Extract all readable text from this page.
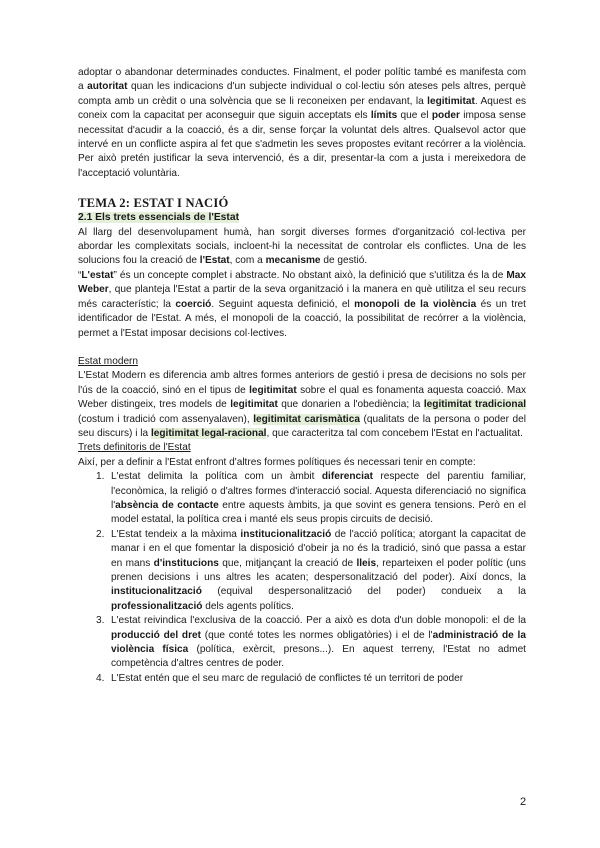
adoptar o abandonar determinades conductes. Finalment, el poder polític també es manifesta com a autoritat quan les indicacions d'un subjecte individual o col·lectiu són ateses pels altres, perquè compta amb un crèdit o una solvència que se li reconeixen per endavant, la legitimitat. Aquest es coneix com la capacitat per aconseguir que siguin acceptats els límits que el poder imposa sense necessitat d'acudir a la coacció, és a dir, sense forçar la voluntat dels altres. Qualsevol actor que intervé en un conflicte aspira al fet que s'admetin les seves propostes evitant recórrer a la violència. Per això pretén justificar la seva intervenció, és a dir, presentar-la com a justa i mereixedora de l'acceptació voluntària.

TEMA 2: ESTAT I NACIÓ

2.1 Els trets essencials de l'Estat

Al llarg del desenvolupament humà, han sorgit diverses formes d'organització col·lectiva per abordar les complexitats socials, incloent-hi la necessitat de controlar els conflictes. Una de les solucions fou la creació de l'Estat, com a mecanisme de gestió.

“L'estat” és un concepte complet i abstracte. No obstant això, la definició que s'utilitza és la de Max Weber, que planteja l'Estat a partir de la seva organització i la manera en què utilitza el seu recurs més característic; la coerció. Seguint aquesta definició, el monopoli de la violència és un tret identificador de l'Estat. A més, el monopoli de la coacció, la possibilitat de recórrer a la violència, permet a l'Estat imposar decisions col·lectives.

Estat modern

L'Estat Modern es diferencia amb altres formes anteriors de gestió i presa de decisions no sols per l'ús de la coacció, sinó en el tipus de legitimitat sobre el qual es fonamenta aquesta coacció. Max Weber distingeix, tres models de legitimitat que donarien a l'obediència; la legitimitat tradicional (costum i tradició com assenyalaven), legitimitat carismàtica (qualitats de la persona o poder del seu discurs) i la legitimitat legal-racional, que caracteritza tal com concebem l'Estat en l'actualitat.

Trets definitoris de l'Estat

Així, per a definir a l'Estat enfront d'altres formes polítiques és necessari tenir en compte:

1. L'estat delimita la política com un àmbit diferenciat respecte del parentiu familiar, l'econòmica, la religió o d'altres formes d'interacció social. Aquesta diferenciació no significa l'absència de contacte entre aquests àmbits, ja que sovint es genera tensions. Però en el model estatal, la política crea i manté els seus propis circuits de decisió.
2. L'Estat tendeix a la màxima institucionalització de l'acció política; atorgant la capacitat de manar i en el que fomentar la disposició d'obeir ja no és la tradició, sinó que passa a estar en mans d'institucions que, mitjançant la creació de lleis, reparteixen el poder polític (uns prenen decisions i uns altres les acaten; despersonalització del poder). Així doncs, la institucionalització (equival despersonalització del poder) condueix a la professionalització dels agents polítics.
3. L'estat reivindica l'exclusiva de la coacció. Per a això es dota d'un doble monopoli: el de la producció del dret (que conté totes les normes obligatòries) i el de l'administració de la violència física (política, exèrcit, presons...). En aquest terreny, l'Estat no admet competència d'altres centres de poder.
4. L'Estat entén que el seu marc de regulació de conflictes té un territori de poder
2
